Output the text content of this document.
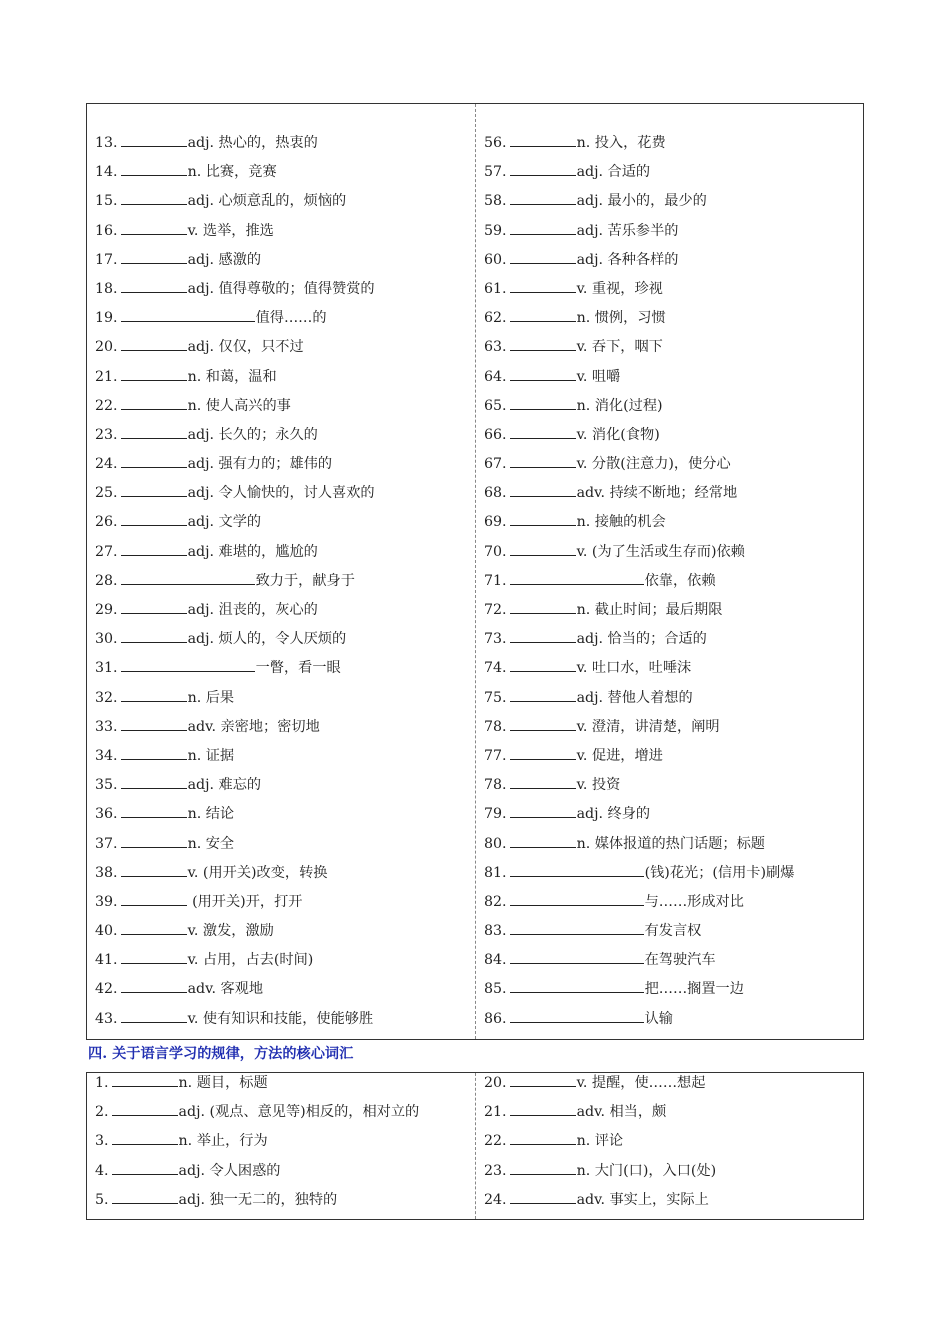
13.	adj. 热心的，热衷的
14.	n. 比赛，竞赛
15.	adj. 心烦意乱的，烦恼的
16.	v. 选举，推选
17.	adj. 感激的
18.	adj. 值得尊敬的；值得赞赏的
19.	值得……的
20.	adj. 仅仅，只不过
21.	n. 和蔼，温和
22.	n. 使人高兴的事
23.	adj. 长久的；永久的
24.	adj. 强有力的；雄伟的
25.	adj. 令人愉快的，讨人喜欢的
26.	adj. 文学的
27.	adj. 难堪的，尴尬的
28.	致力于，献身于
29.	adj. 沮丧的，灰心的
30.	adj. 烦人的，令人厌烦的
31.	一瞥，看一眼
32.	n. 后果
33.	adv. 亲密地；密切地
34.	n. 证据
35.	adj. 难忘的
36.	n. 结论
37.	n. 安全
38.	v. (用开关)改变，转换
39.	(用开关)开，打开
40.	v. 激发，激励
41.	v. 占用，占去(时间)
42.	adv. 客观地
43.	v. 使有知识和技能，使能够胜
56.	n. 投入，花费
57.	adj. 合适的
58.	adj. 最小的，最少的
59.	adj. 苦乐参半的
60.	adj. 各种各样的
61.	v. 重视，珍视
62.	n. 惯例，习惯
63.	v. 吞下，咽下
64.	v. 咀嚼
65.	n. 消化(过程)
66.	v. 消化(食物)
67.	v. 分散(注意力)，使分心
68.	adv. 持续不断地；经常地
69.	n. 接触的机会
70.	v. (为了生活或生存而)依赖
71.	依靠，依赖
72.	n. 截止时间；最后期限
73.	adj. 恰当的；合适的
74.	v. 吐口水，吐唾沫
75.	adj. 替他人着想的
78.	v. 澄清，讲清楚，阐明
77.	v. 促进，增进
78.	v. 投资
79.	adj. 终身的
80.	n. 媒体报道的热门话题；标题
81.	(钱)花光；(信用卡)刷爆
82.	与……形成对比
83.	有发言权
84.	在驾驶汽车
85.	把……搁置一边
86.	认输
四. 关于语言学习的规律，方法的核心词汇
1.	n. 题目，标题
2.	adj. (观点、意见等)相反的，相对立的
3.	n. 举止，行为
4.	adj. 令人困惑的
5.	adj. 独一无二的，独特的
20.	v. 提醒，使……想起
21.	adv. 相当，颇
22.	n. 评论
23.	n. 大门(口)，入口(处)
24.	adv. 事实上，实际上
